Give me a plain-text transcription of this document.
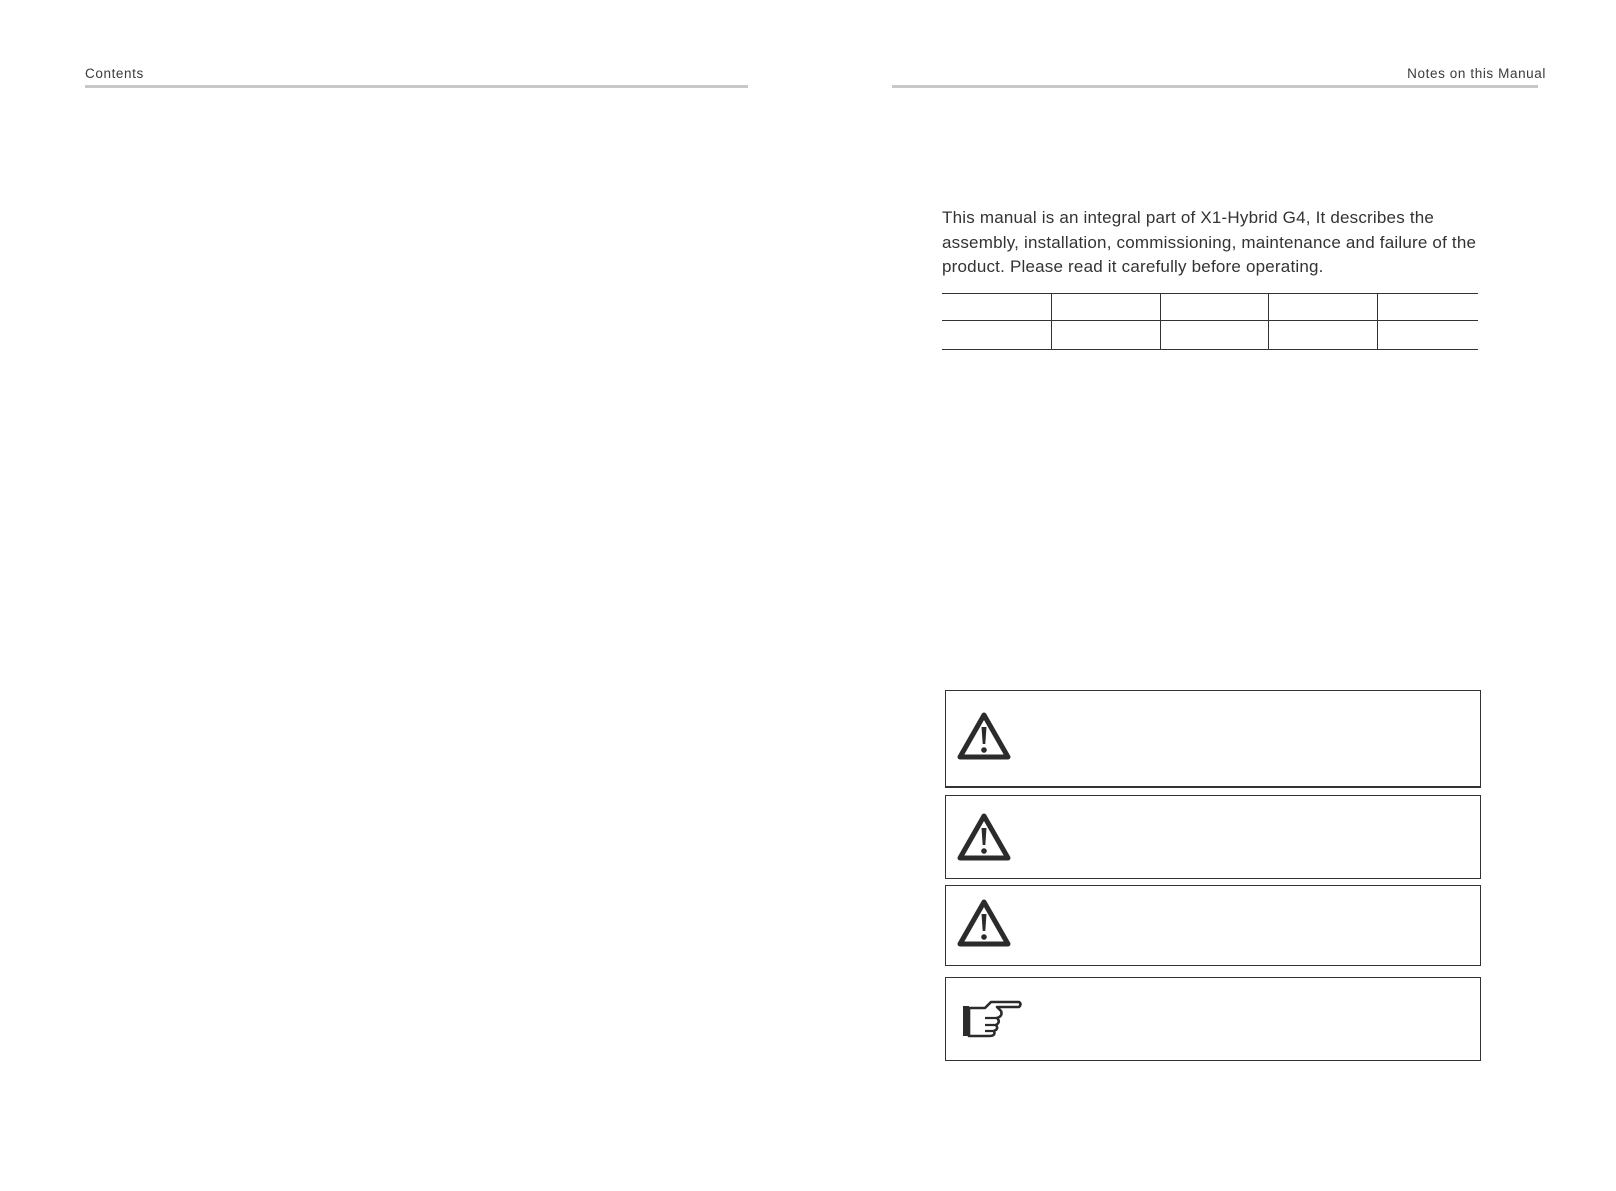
Contents	Notes on this Manual
This manual is an integral part of X1-Hybrid G4, It describes the assembly, installation, commissioning, maintenance and failure of the product. Please read it carefully before operating.
